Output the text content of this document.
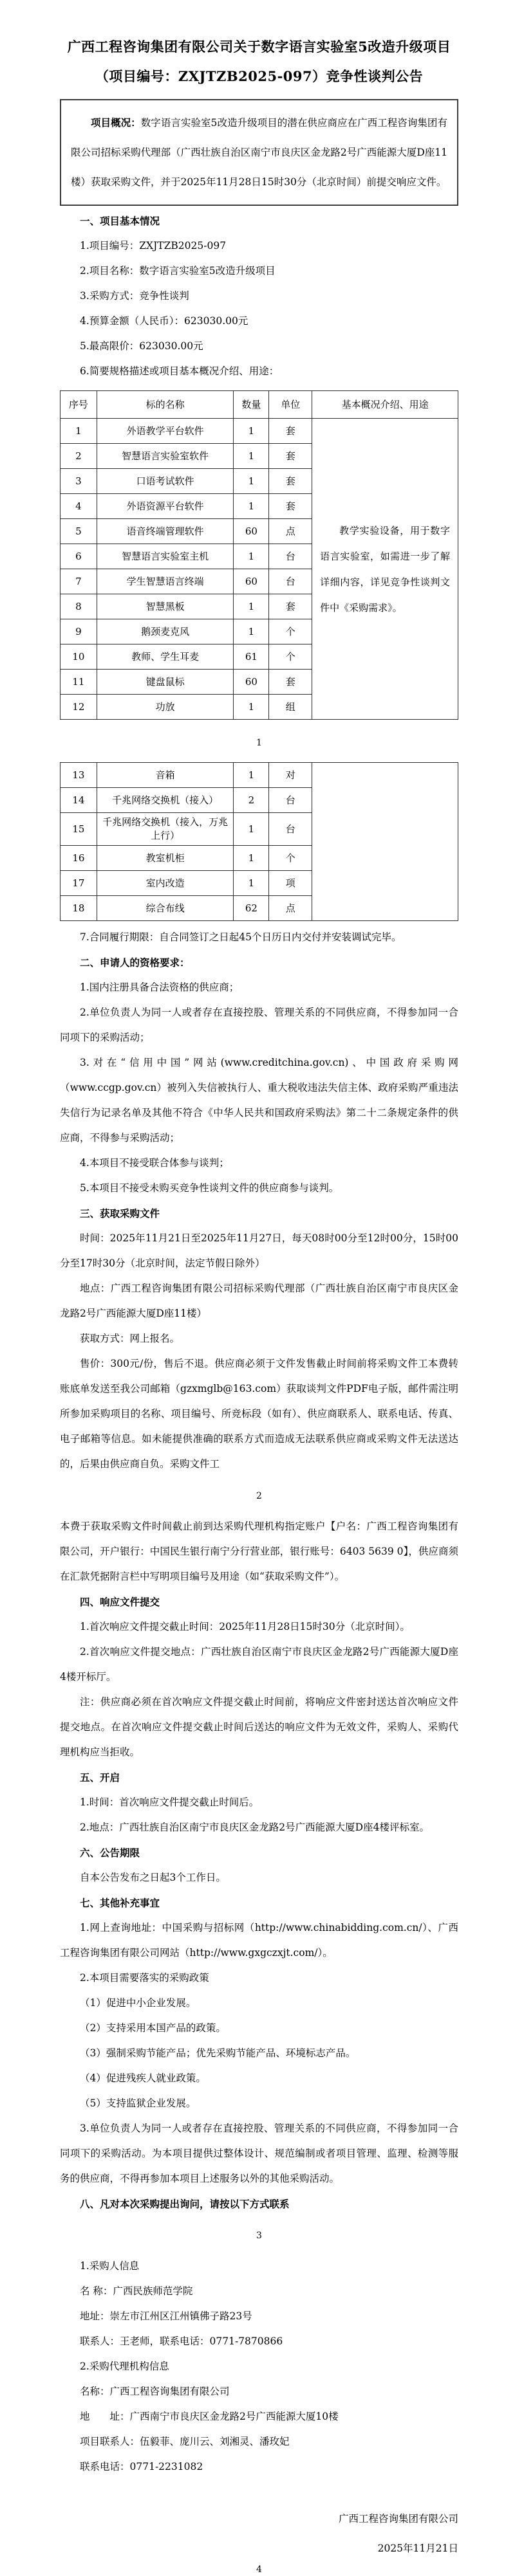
广西工程咨询集团有限公司关于数字语言实验室5改造升级项目
（项目编号：ZXJTZB2025-097）竞争性谈判公告

项目概况：数字语言实验室5改造升级项目的潜在供应商应在广西工程咨询集团有限公司招标采购代理部（广西壮族自治区南宁市良庆区金龙路2号广西能源大厦D座11楼）获取采购文件，并于2025年11月28日15时30分（北京时间）前提交响应文件。

一、项目基本情况

1.项目编号：ZXJTZB2025-097

2.项目名称：数字语言实验室5改造升级项目

3.采购方式：竞争性谈判

4.预算金额（人民币）：623030.00元

5.最高限价：623030.00元

6.简要规格描述或项目基本概况介绍、用途：

序号	标的名称	数量	单位	基本概况介绍、用途
1	外语教学平台软件	1	套	教学实验设备，用于数字语言实验室，如需进一步了解详细内容，详见竞争性谈判文件中《采购需求》。
2	智慧语言实验室软件	1	套	
3	口语考试软件	1	套	
4	外语资源平台软件	1	套	
5	语音终端管理软件	60	点	
6	智慧语言实验室主机	1	台	
7	学生智慧语言终端	60	台	
8	智慧黑板	1	套	
9	鹅颈麦克风	1	个	
10	教师、学生耳麦	61	个	
11	键盘鼠标	60	套	
12	功放	1	组	
1
13	音箱	1	对	
14	千兆网络交换机（接入）	2	台	
15	千兆网络交换机（接入，万兆上行）	1	台	
16	教室机柜	1	个	
17	室内改造	1	项	
18	综合布线	62	点	

7.合同履行期限：自合同签订之日起45个日历日内交付并安装调试完毕。

二、申请人的资格要求：

1.国内注册具备合法资格的供应商；

2.单位负责人为同一人或者存在直接控股、管理关系的不同供应商，不得参加同一合同项下的采购活动；

3.对在“信用中国”网站(www.creditchina.gov.cn)、中国政府采购网（www.ccgp.gov.cn）被列入失信被执行人、重大税收违法失信主体、政府采购严重违法失信行为记录名单及其他不符合《中华人民共和国政府采购法》第二十二条规定条件的供应商，不得参与采购活动；

4.本项目不接受联合体参与谈判；

5.本项目不接受未购买竞争性谈判文件的供应商参与谈判。

三、获取采购文件

时间：2025年11月21日至2025年11月27日，每天08时00分至12时00分，15时00分至17时30分（北京时间，法定节假日除外）

地点：广西工程咨询集团有限公司招标采购代理部（广西壮族自治区南宁市良庆区金龙路2号广西能源大厦D座11楼）

获取方式：网上报名。

售价：300元/份，售后不退。供应商必须于文件发售截止时间前将采购文件工本费转账底单发送至我公司邮箱（gzxmglb@163.com）获取谈判文件PDF电子版，邮件需注明所参加采购项目的名称、项目编号、所竞标段（如有）、供应商联系人、联系电话、传真、电子邮箱等信息。如未能提供准确的联系方式而造成无法联系供应商或采购文件无法送达的，后果由供应商自负。采购文件工

2

本费于获取采购文件时间截止前到达采购代理机构指定账户【户名：广西工程咨询集团有限公司，开户银行：中国民生银行南宁分行营业部，银行账号：6403 5639 0】，供应商须在汇款凭据附言栏中写明项目编号及用途（如“获取采购文件”）。

四、响应文件提交

1.首次响应文件提交截止时间：2025年11月28日15时30分（北京时间）。

2.首次响应文件提交地点：广西壮族自治区南宁市良庆区金龙路2号广西能源大厦D座4楼开标厅。

注：供应商必须在首次响应文件提交截止时间前，将响应文件密封送达首次响应文件提交地点。在首次响应文件提交截止时间后送达的响应文件为无效文件，采购人、采购代理机构应当拒收。

五、开启

1.时间：首次响应文件提交截止时间后。

2.地点：广西壮族自治区南宁市良庆区金龙路2号广西能源大厦D座4楼评标室。

六、公告期限

自本公告发布之日起3个工作日。

七、其他补充事宜

1.网上查询地址：中国采购与招标网（http://www.chinabidding.com.cn/）、广西工程咨询集团有限公司网站（http://www.gxgczxjt.com/）。

2.本项目需要落实的采购政策

（1）促进中小企业发展。

（2）支持采用本国产品的政策。

（3）强制采购节能产品；优先采购节能产品、环境标志产品。

（4）促进残疾人就业政策。

（5）支持监狱企业发展。

3.单位负责人为同一人或者存在直接控股、管理关系的不同供应商，不得参加同一合同项下的采购活动。为本项目提供过整体设计、规范编制或者项目管理、监理、检测等服务的供应商，不得再参加本项目上述服务以外的其他采购活动。

八、凡对本次采购提出询问，请按以下方式联系

3

1.采购人信息

名 称：广西民族师范学院

地址：崇左市江州区江州镇佛子路23号

联系人：王老师，联系电话：0771-7870866

2.采购代理机构信息

名称：广西工程咨询集团有限公司

地　　址：广西南宁市良庆区金龙路2号广西能源大厦10楼

项目联系人：伍毅菲、庞川云、刘湘灵、潘玫妃

联系电话：0771-2231082

广西工程咨询集团有限公司
2025年11月21日
4
